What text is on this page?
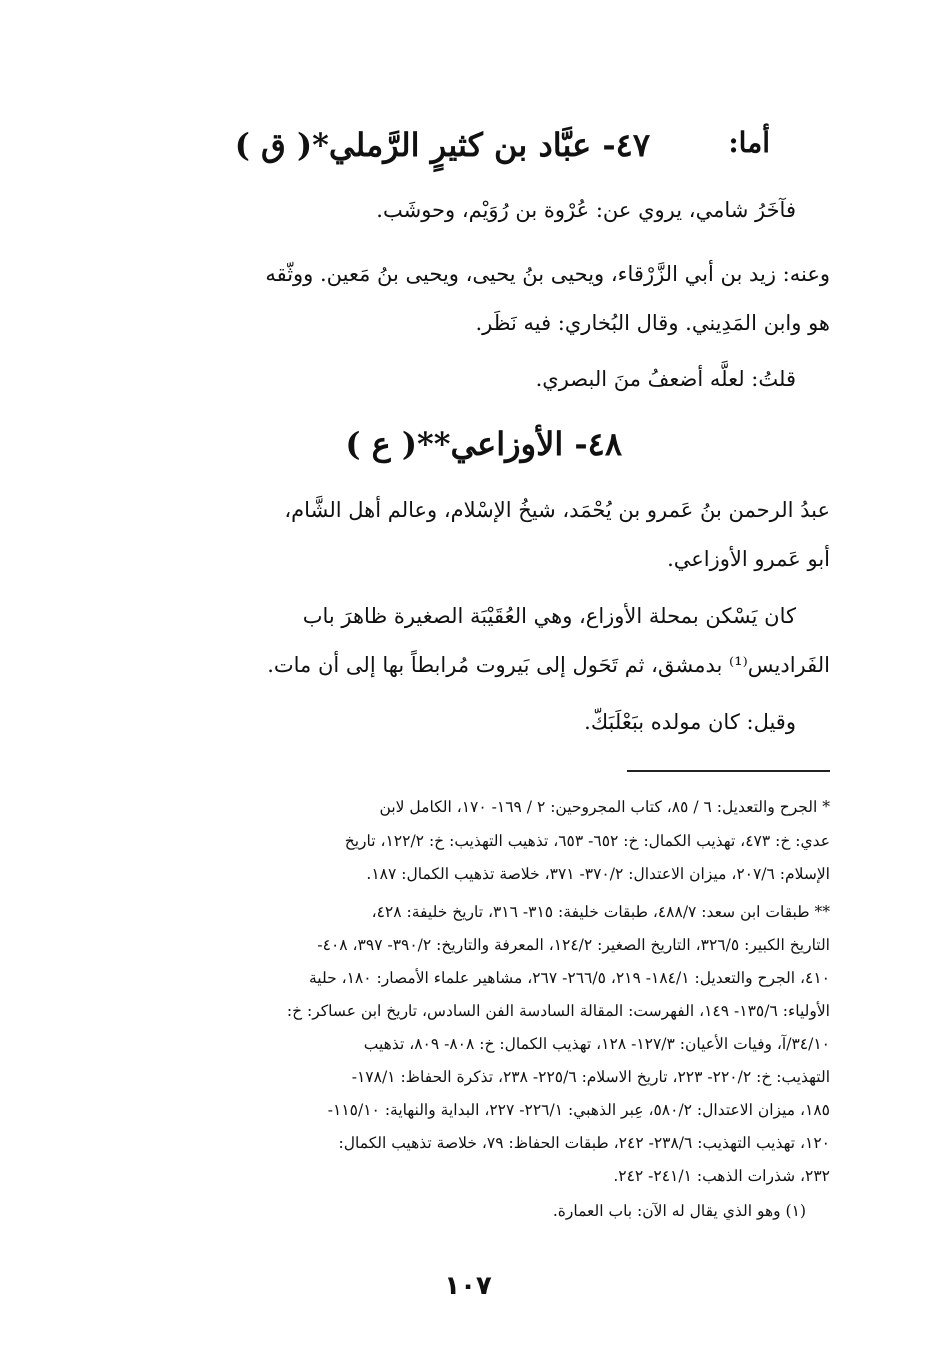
أما:
٤٧- عبَّاد بن كثيرٍ الرَّملي*( ق )
فآخَرُ شامي، يروي عن: عُرْوة بن رُوَيْم، وحوشَب.
وعنه: زيد بن أبي الزَّرْقاء، ويحيى بنُ يحيى، ويحيى بنُ مَعين. ووثّقه
هو وابن المَدِيني. وقال البُخاري: فيه نَظَر.
قلتُ: لعلَّه أضعفُ منَ البصري.
٤٨- الأوزاعي**( ع )
عبدُ الرحمن بنُ عَمرو بن يُحْمَد، شيخُ الإسْلام، وعالم أهل الشَّام،
أبو عَمرو الأوزاعي.
كان يَسْكن بمحلة الأوزاع، وهي العُقَيْبَة الصغيرة ظاهرَ باب
الفَراديس⁽¹⁾ بدمشق، ثم تَحَول إلى بَيروت مُرابطاً بها إلى أن مات.
وقيل: كان مولده ببَعْلَبَكّ.
* الجرح والتعديل: ٦ / ٨٥، كتاب المجروحين: ٢ / ١٦٩- ١٧٠، الكامل لابن
عدي: خ: ٤٧٣، تهذيب الكمال: خ: ٦٥٢- ٦٥٣، تذهيب التهذيب: خ: ١٢٢/٢، تاريخ
الإسلام: ٢٠٧/٦، ميزان الاعتدال: ٣٧٠/٢- ٣٧١، خلاصة تذهيب الكمال: ١٨٧.
** طبقات ابن سعد: ٤٨٨/٧، طبقات خليفة: ٣١٥- ٣١٦، تاريخ خليفة: ٤٢٨،
التاريخ الكبير: ٣٢٦/٥، التاريخ الصغير: ١٢٤/٢، المعرفة والتاريخ: ٣٩٠/٢- ٣٩٧، ٤٠٨-
٤١٠، الجرح والتعديل: ١٨٤/١- ٢١٩، ٢٦٦/٥- ٢٦٧، مشاهير علماء الأمصار: ١٨٠، حلية
الأولياء: ١٣٥/٦- ١٤٩، الفهرست: المقالة السادسة الفن السادس، تاريخ ابن عساكر: خ:
٣٤/١٠/آ، وفيات الأعيان: ١٢٧/٣- ١٢٨، تهذيب الكمال: خ: ٨٠٨- ٨٠٩، تذهيب
التهذيب: خ: ٢٢٠/٢- ٢٢٣، تاريخ الاسلام: ٢٢٥/٦- ٢٣٨، تذكرة الحفاظ: ١٧٨/١-
١٨٥، ميزان الاعتدال: ٥٨٠/٢، عِبر الذهبي: ٢٢٦/١- ٢٢٧، البداية والنهاية: ١١٥/١٠-
١٢٠، تهذيب التهذيب: ٢٣٨/٦- ٢٤٢، طبقات الحفاظ: ٧٩، خلاصة تذهيب الكمال:
٢٣٢، شذرات الذهب: ٢٤١/١- ٢٤٢.
(١) وهو الذي يقال له الآن: باب العمارة.
١٠٧
